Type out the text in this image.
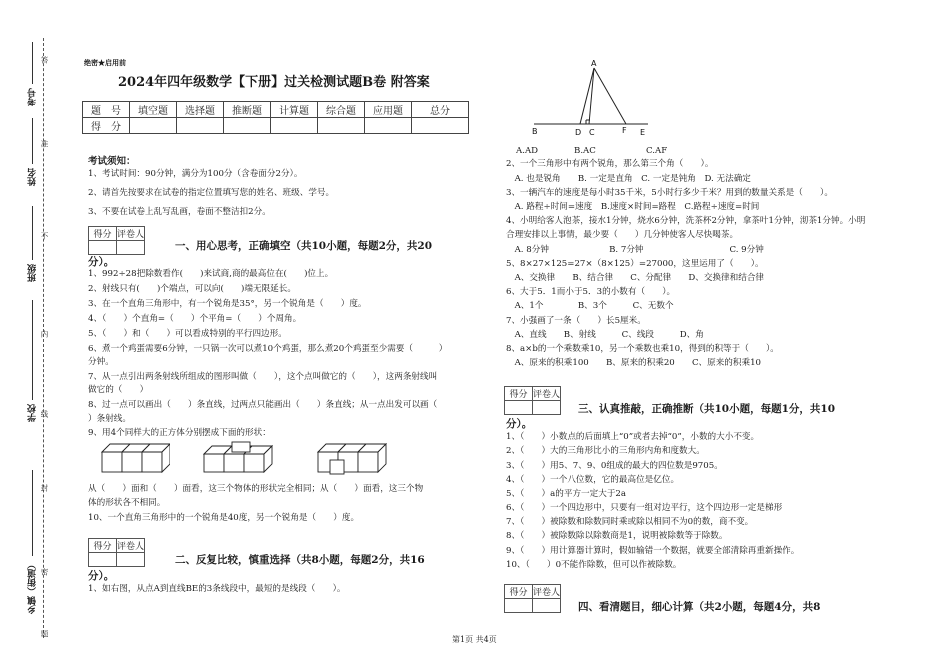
答
准
不
内
线
封
密
题
考号
姓名
班级
学校
乡镇（街道）
绝密★启用前
2024年四年级数学【下册】过关检测试题B卷 附答案
题　号	填空题	选择题	推断题	计算题	综合题	应用题	总分
得　分							
考试须知：
1、考试时间：90分钟，满分为100分（含卷面分2分）。
2、请首先按要求在试卷的指定位置填写您的姓名、班级、学号。
3、不要在试卷上乱写乱画，卷面不整洁扣2分。
得分	评卷人

一、用心思考，正确填空（共10小题，每题2分，共20
分）。
1、992÷28把除数看作(　　)来试商,商的最高位在(　　)位上。
2、射线只有(　　)个端点，可以向(　　)端无限延长。
3、在一个直角三角形中，有一个锐角是35°，另一个锐角是（　　）度。
4、（　　）个直角=（　　）个平角=（　　）个周角。
5、（　　）和（　　）可以看成特别的平行四边形。
6、煮一个鸡蛋需要6分钟，一只锅一次可以煮10个鸡蛋，那么煮20个鸡蛋至少需要（　　　）
分钟。
7、从一点引出两条射线所组成的图形叫做（　　），这个点叫做它的（　　），这两条射线叫
做它的（　　）
8、过一点可以画出（　　）条直线，过两点只能画出（　　）条直线；从一点出发可以画（
）条射线。
9、用4个同样大的正方体分别摆成下面的形状：
从（　　）面和（　　）面看，这三个物体的形状完全相同；从（　　）面看，这三个物
体的形状各不相同。
10、一个直角三角形中的一个锐角是40度，另一个锐角是（　　）度。
得分	评卷人

二、反复比较，慎重选择（共8小题，每题2分，共16
分）。
1、如右图，从点A到直线BE的3条线段中，最短的是线段（　　）。
A
B	D C	F E
A.AD	B.AC	C.AF
2、一个三角形中有两个锐角，那么第三个角（　　）。
　A. 也是锐角　　B. 一定是直角　C. 一定是钝角　D. 无法确定
3、一辆汽车的速度是每小时35千米，5小时行多少千米？用到的数量关系是（　　）。
　A. 路程÷时间=速度　B.速度×时间=路程　C.路程÷速度=时间
4、小明给客人泡茶，接水1分钟，烧水6分钟，洗茶杯2分钟，拿茶叶1分钟，沏茶1分钟。小明
合理安排以上事情，最少要（　　）几分钟使客人尽快喝茶。
　A. 8分钟　　　　　　　B. 7分钟　　　　　　　　　　C. 9分钟
5、8×27×125=27×（8×125）=27000，这里运用了（　　）。
　A、交换律　　B、结合律　　C、分配律　　D、交换律和结合律
6、大于5．1而小于5．3的小数有（　　）。
　A、1个　　　　B、3个　　　C、无数个
7、小强画了一条（　　）长5厘米。
　A、直线　　B、射线　　　C、线段　　　D、角
8、a×b的一个乘数乘10，另一个乘数也乘10，得到的积等于（　　）。
　A、原来的积乘100　　B、原来的积乘20　　C、原来的积乘10
得分	评卷人

三、认真推敲，正确推断（共10小题，每题1分，共10
分）。
1、（　　）小数点的后面填上“0”或者去掉“0”，小数的大小不变。
2、（　　）大的三角形比小的三角形内角和度数大。
3、（　　）用5、7、9、0组成的最大的四位数是9705。
4、（　　）一个八位数，它的最高位是亿位。
5、（　　）a的平方一定大于2a
6、（　　）一个四边形中，只要有一组对边平行，这个四边形一定是梯形
7、（　　）被除数和除数同时乘或除以相同不为0的数，商不变。
8、（　　）被除数除以除数商是1，说明被除数等于除数。
9、（　　）用计算器计算时，假如输错一个数据，就要全部清除再重新操作。
10、（　　）0不能作除数，但可以作被除数。
得分	评卷人

四、看清题目，细心计算（共2小题，每题4分，共8
第1页 共4页
